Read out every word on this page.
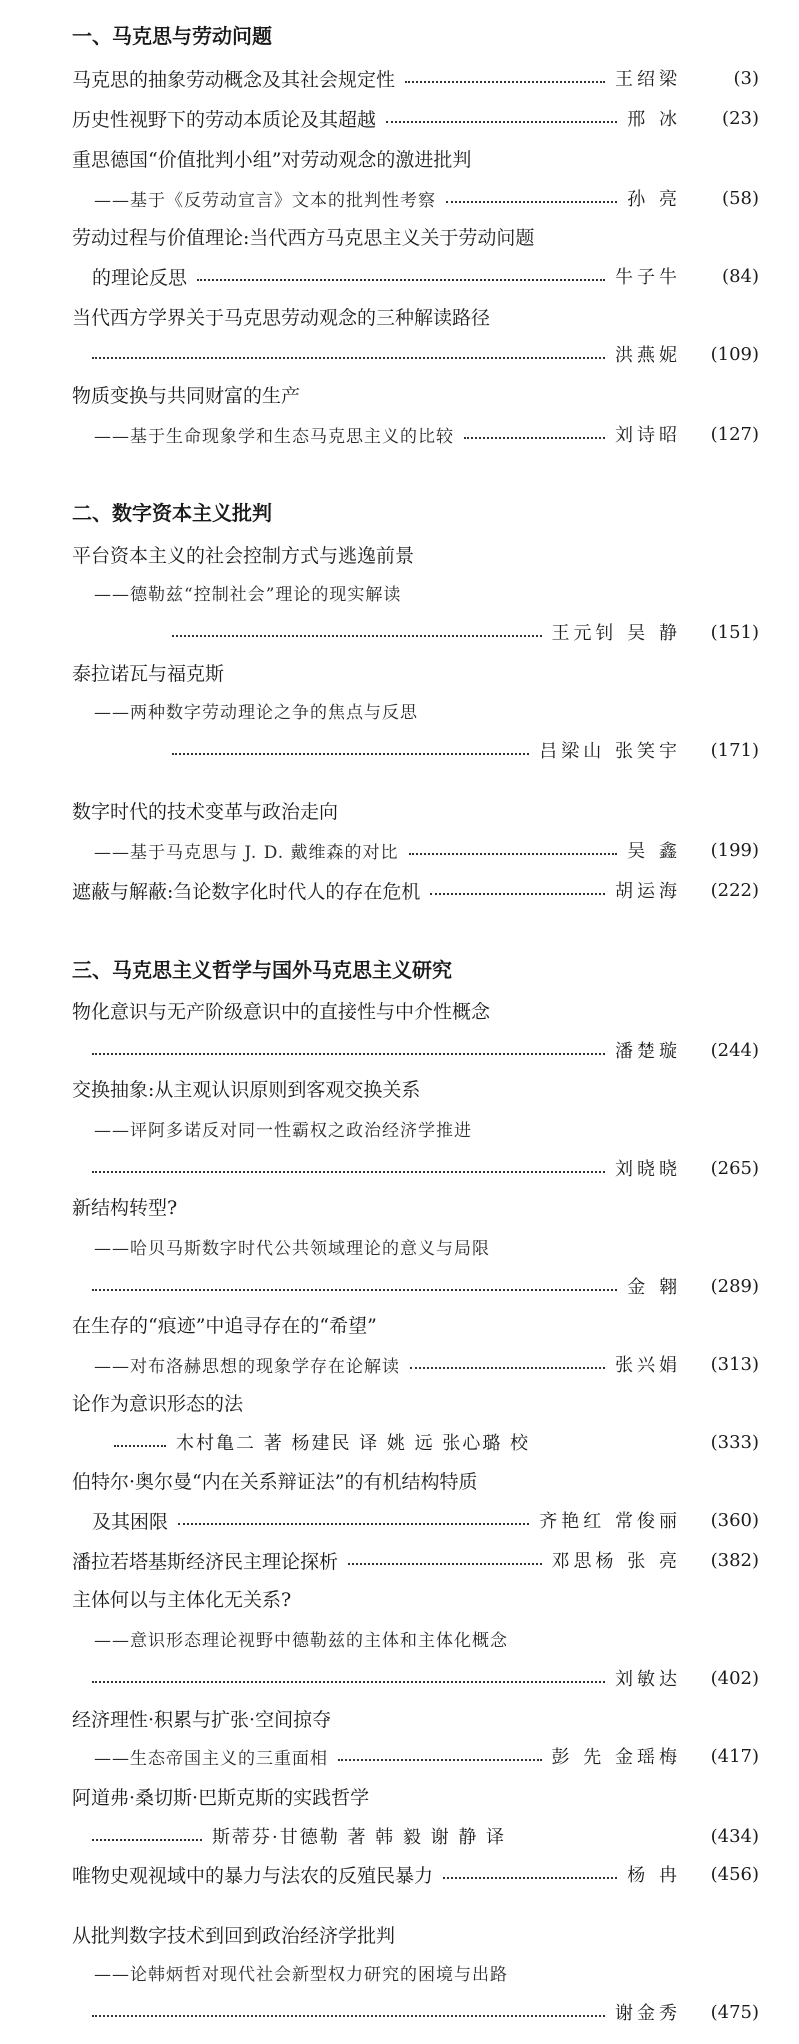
一、马克思与劳动问题
马克思的抽象劳动概念及其社会规定性	王绍梁	(3)
历史性视野下的劳动本质论及其超越	邢 冰	(23)
重思德国“价值批判小组”对劳动观念的激进批判
——基于《反劳动宣言》文本的批判性考察	孙 亮	(58)
劳动过程与价值理论:当代西方马克思主义关于劳动问题
的理论反思	牛子牛	(84)
当代西方学界关于马克思劳动观念的三种解读路径
洪燕妮	(109)
物质变换与共同财富的生产
——基于生命现象学和生态马克思主义的比较	刘诗昭	(127)
二、数字资本主义批判
平台资本主义的社会控制方式与逃逸前景
——德勒兹“控制社会”理论的现实解读
王元钊 吴 静	(151)
泰拉诺瓦与福克斯
——两种数字劳动理论之争的焦点与反思
吕梁山 张笑宇	(171)
数字时代的技术变革与政治走向
——基于马克思与 J. D. 戴维森的对比	吴 鑫	(199)
遮蔽与解蔽:刍论数字化时代人的存在危机	胡运海	(222)
三、马克思主义哲学与国外马克思主义研究
物化意识与无产阶级意识中的直接性与中介性概念
潘楚璇	(244)
交换抽象:从主观认识原则到客观交换关系
——评阿多诺反对同一性霸权之政治经济学推进
刘晓晓	(265)
新结构转型?
——哈贝马斯数字时代公共领域理论的意义与局限
金 翱	(289)
在生存的“痕迹”中追寻存在的“希望”
——对布洛赫思想的现象学存在论解读	张兴娟	(313)
论作为意识形态的法
木村亀二 著 杨建民 译 姚 远 张心璐 校	(333)
伯特尔·奥尔曼“内在关系辩证法”的有机结构特质
及其困限	齐艳红 常俊丽	(360)
潘拉若塔基斯经济民主理论探析	邓思杨 张 亮	(382)
主体何以与主体化无关系?
——意识形态理论视野中德勒兹的主体和主体化概念
刘敏达	(402)
经济理性·积累与扩张·空间掠夺
——生态帝国主义的三重面相	彭 先 金瑶梅	(417)
阿道弗·桑切斯·巴斯克斯的实践哲学
斯蒂芬·甘德勒 著 韩 毅 谢 静 译	(434)
唯物史观视域中的暴力与法农的反殖民暴力	杨 冉	(456)
从批判数字技术到回到政治经济学批判
——论韩炳哲对现代社会新型权力研究的困境与出路
谢金秀	(475)
